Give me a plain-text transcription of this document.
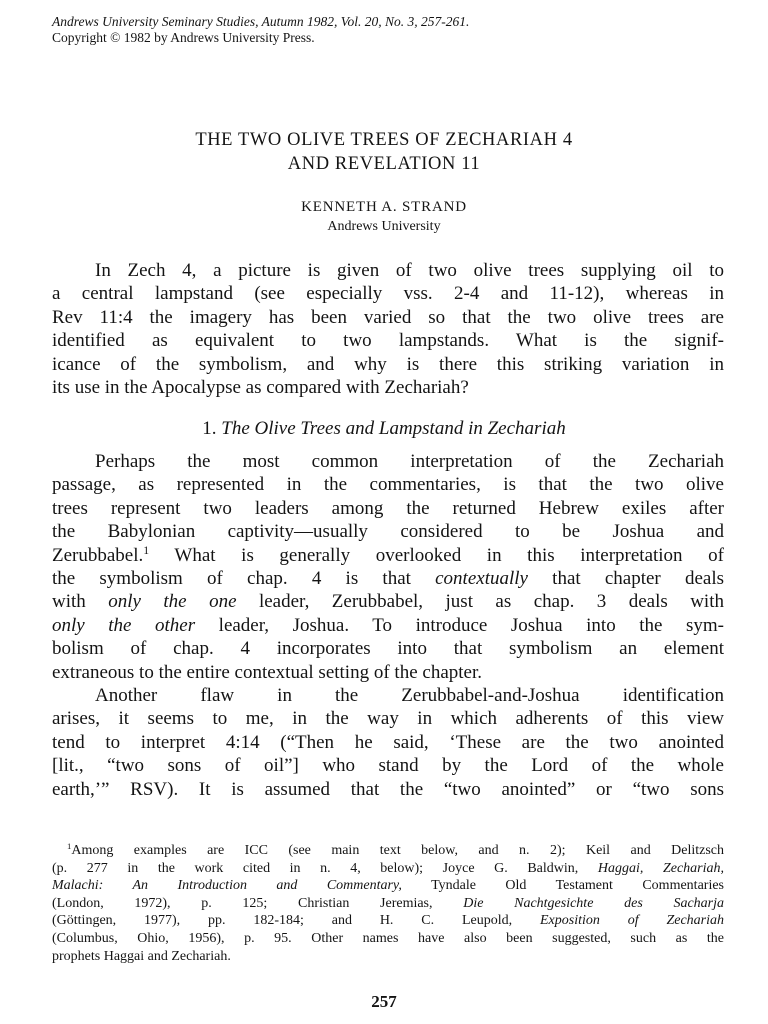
Andrews University Seminary Studies, Autumn 1982, Vol. 20, No. 3, 257-261.
Copyright © 1982 by Andrews University Press.
THE TWO OLIVE TREES OF ZECHARIAH 4
AND REVELATION 11
KENNETH A. STRAND
Andrews University

In Zech 4, a picture is given of two olive trees supplying oil to
a central lampstand (see especially vss. 2-4 and 11-12), whereas in
Rev 11:4 the imagery has been varied so that the two olive trees are
identified as equivalent to two lampstands. What is the signif-
icance of the symbolism, and why is there this striking variation in
its use in the Apocalypse as compared with Zechariah?

1. The Olive Trees and Lampstand in Zechariah

Perhaps the most common interpretation of the Zechariah
passage, as represented in the commentaries, is that the two olive
trees represent two leaders among the returned Hebrew exiles after
the Babylonian captivity—usually considered to be Joshua and
Zerubbabel.$^1$ What is generally overlooked in this interpretation of
the symbolism of chap. 4 is that contextually that chapter deals
with only the one leader, Zerubbabel, just as chap. 3 deals with
only the other leader, Joshua. To introduce Joshua into the sym-
bolism of chap. 4 incorporates into that symbolism an element
extraneous to the entire contextual setting of the chapter.

Another flaw in the Zerubbabel-and-Joshua identification
arises, it seems to me, in the way in which adherents of this view
tend to interpret 4:14 (“Then he said, ‘These are the two anointed
[lit., “two sons of oil”] who stand by the Lord of the whole
earth,’” RSV). It is assumed that the “two anointed” or “two sons

$^1$Among examples are ICC (see main text below, and n. 2); Keil and Delitzsch
(p. 277 in the work cited in n. 4, below); Joyce G. Baldwin, Haggai, Zechariah,
Malachi: An Introduction and Commentary, Tyndale Old Testament Commentaries
(London, 1972), p. 125; Christian Jeremias, Die Nachtgesichte des Sacharja
(Göttingen, 1977), pp. 182-184; and H. C. Leupold, Exposition of Zechariah
(Columbus, Ohio, 1956), p. 95. Other names have also been suggested, such as the
prophets Haggai and Zechariah.
257
